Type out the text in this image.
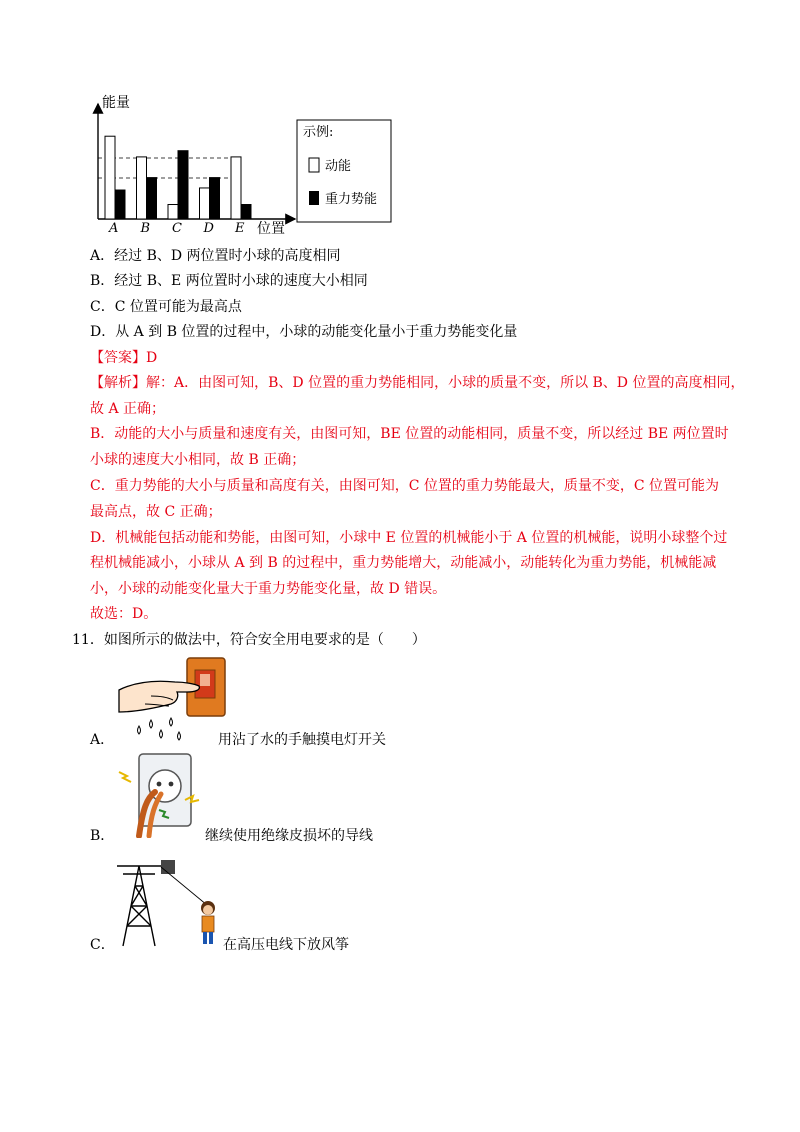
能量
A B C D E 位置
示例:
动能
重力势能
A．经过 B、D 两位置时小球的高度相同
B．经过 B、E 两位置时小球的速度大小相同
C．C 位置可能为最高点
D．从 A 到 B 位置的过程中，小球的动能变化量小于重力势能变化量
【答案】D
【解析】解：A．由图可知，B、D 位置的重力势能相同，小球的质量不变，所以 B、D 位置的高度相同，
故 A 正确；
B．动能的大小与质量和速度有关，由图可知，BE 位置的动能相同，质量不变，所以经过 BE 两位置时
小球的速度大小相同，故 B 正确；
C．重力势能的大小与质量和高度有关，由图可知，C 位置的重力势能最大，质量不变，C 位置可能为
最高点，故 C 正确；
D．机械能包括动能和势能，由图可知，小球中 E 位置的机械能小于 A 位置的机械能，说明小球整个过
程机械能减小，小球从 A 到 B 的过程中，重力势能增大，动能减小，动能转化为重力势能，机械能减
小，小球的动能变化量大于重力势能变化量，故 D 错误。
故选：D。
11．如图所示的做法中，符合安全用电要求的是（　　）
A．	用沾了水的手触摸电灯开关
B．	继续使用绝缘皮损坏的导线
C．	在高压电线下放风筝
